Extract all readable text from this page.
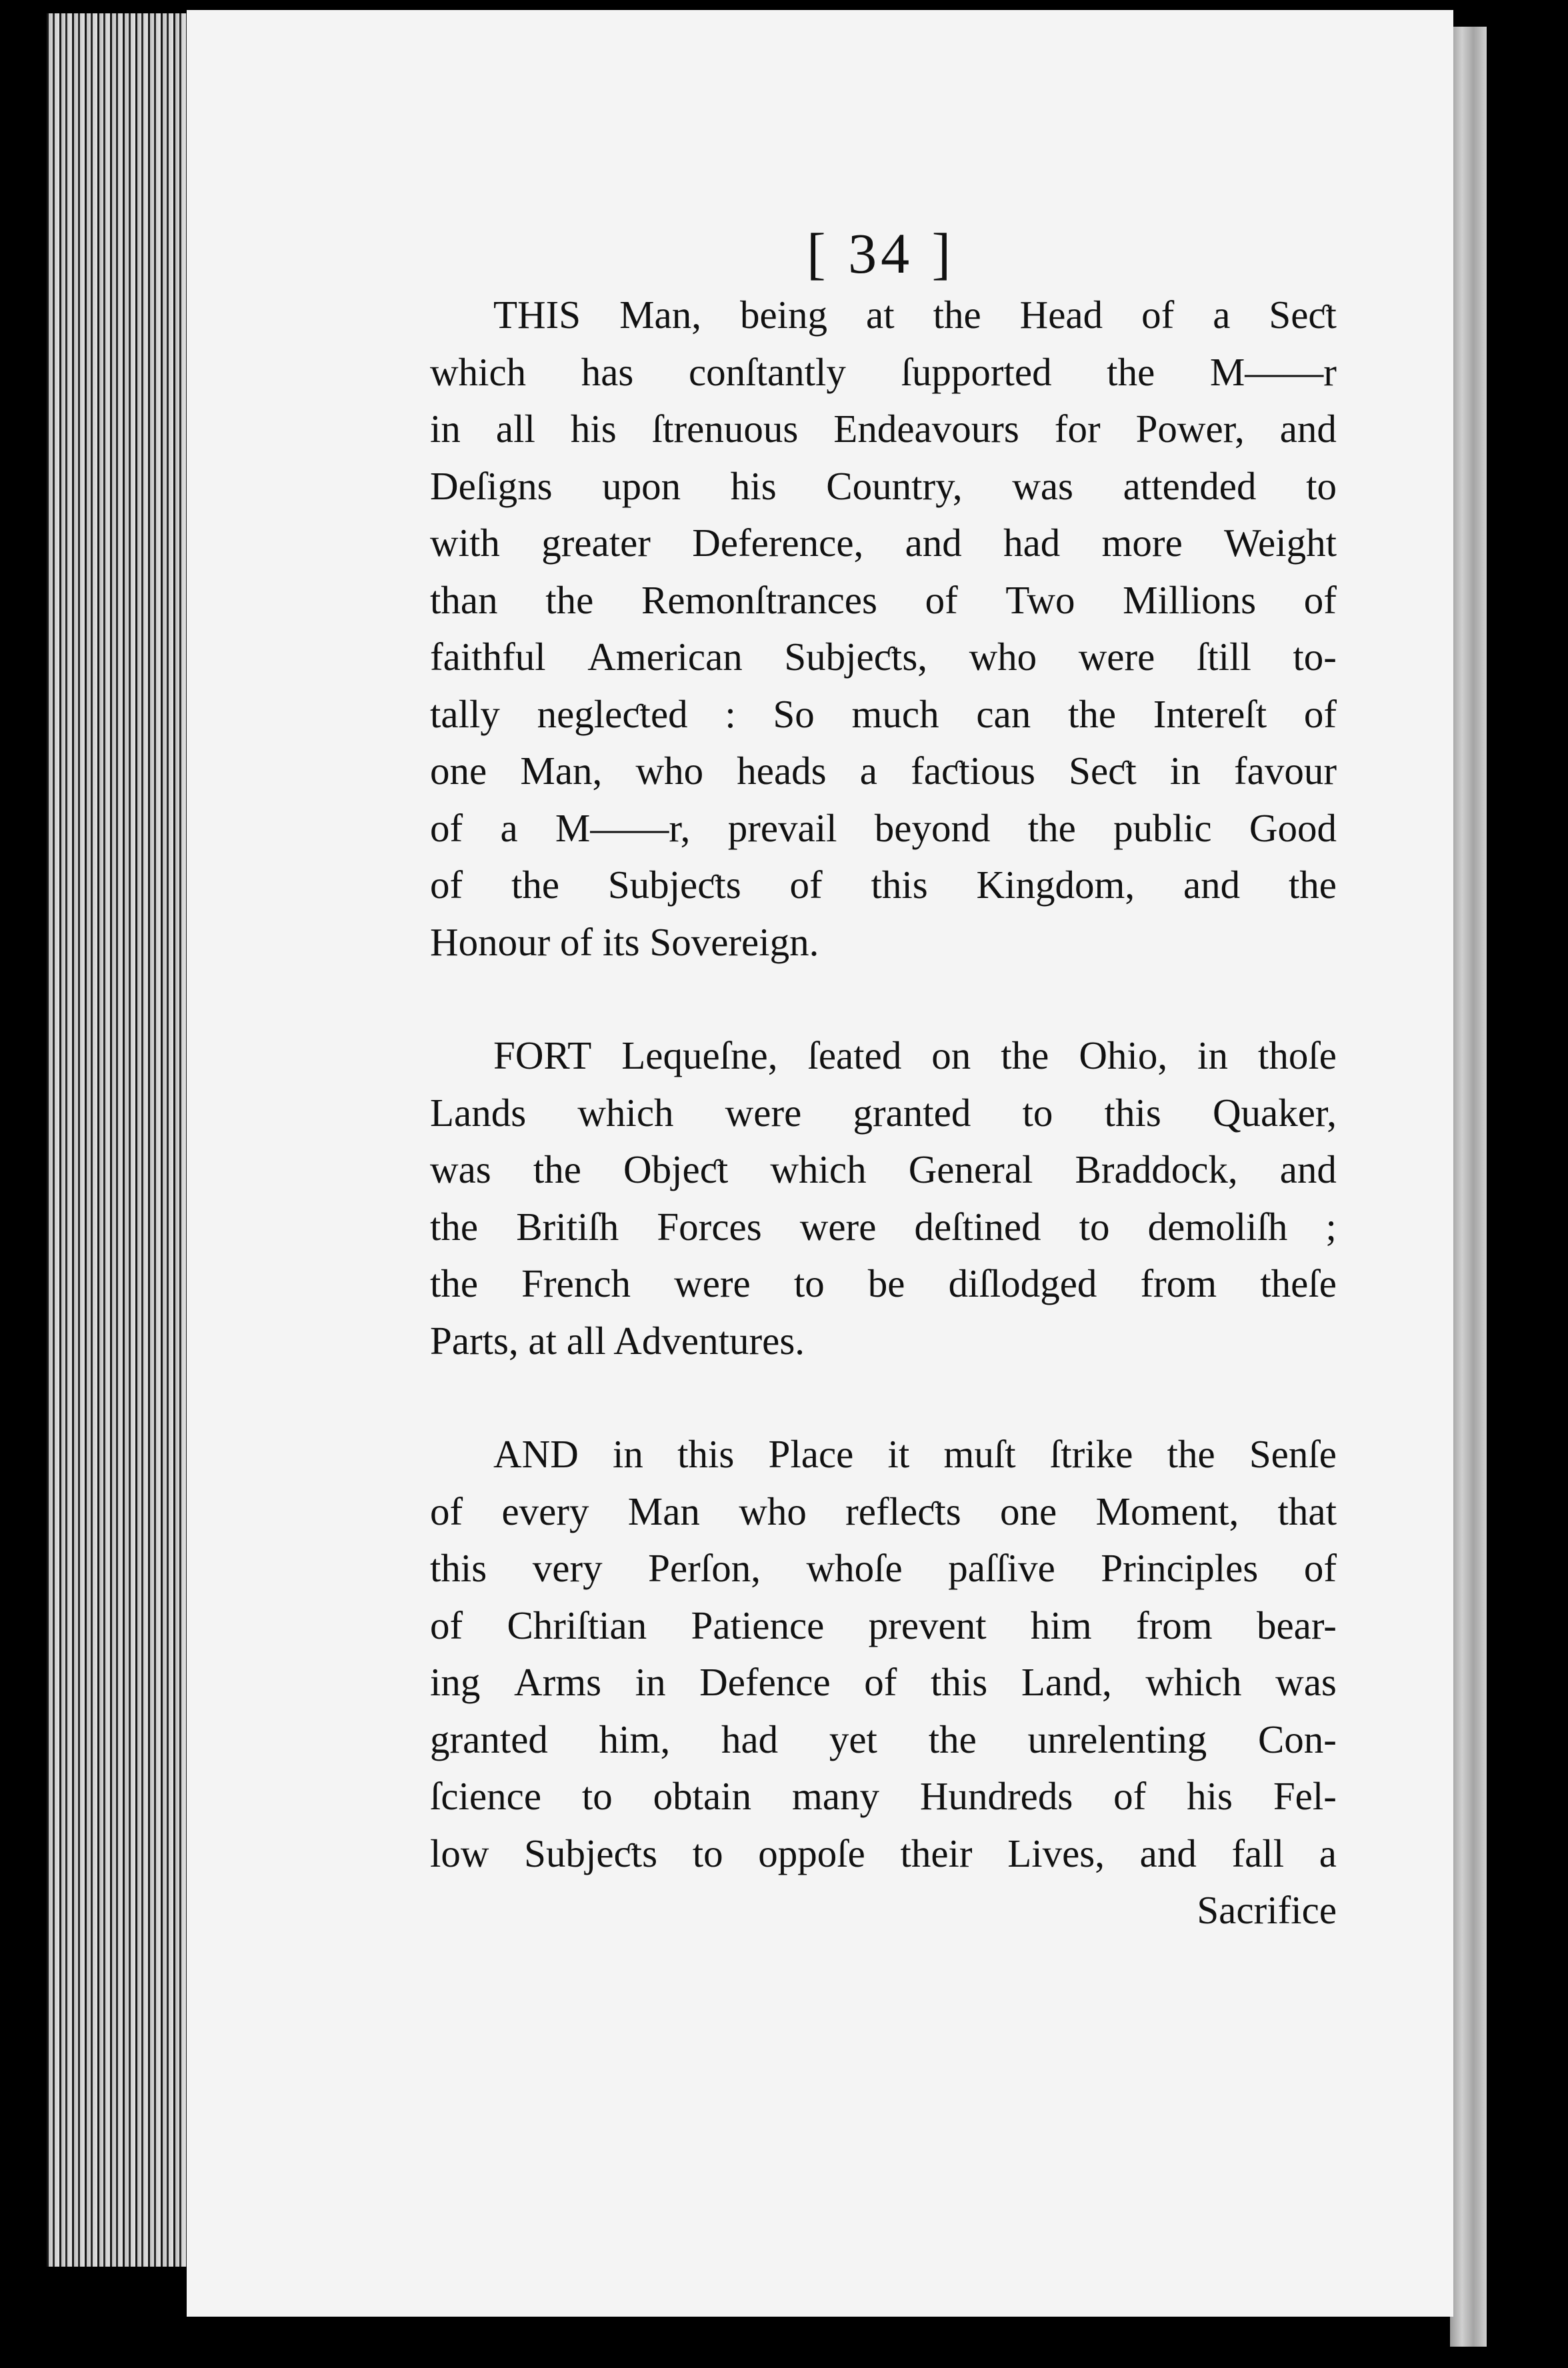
[ 34 ]
THIS Man, being at the Head of a Seƈt
which has conſtantly ſupported the M——r
in all his ſtrenuous Endeavours for Power, and
Deſigns upon his Country, was attended to
with greater Deference, and had more Weight
than the Remonſtrances of Two Millions of
faithful American Subjeƈts, who were ſtill to-
tally negleƈted : So much can the Intereſt of
one Man, who heads a faƈtious Seƈt in favour
of a M——r, prevail beyond the public Good
of the Subjeƈts of this Kingdom, and the
Honour of its Sovereign.
FORT Lequeſne, ſeated on the Ohio, in thoſe
Lands which were granted to this Quaker,
was the Objeƈt which General Braddock, and
the Britiſh Forces were deſtined to demoliſh ;
the French were to be diſlodged from theſe
Parts, at all Adventures.
AND in this Place it muſt ſtrike the Senſe
of every Man who refleƈts one Moment, that
this very Perſon, whoſe paſſive Principles of
of Chriſtian Patience prevent him from bear-
ing Arms in Defence of this Land, which was
granted him, had yet the unrelenting Con-
ſcience to obtain many Hundreds of his Fel-
low Subjeƈts to oppoſe their Lives, and fall a
Sacrifice
